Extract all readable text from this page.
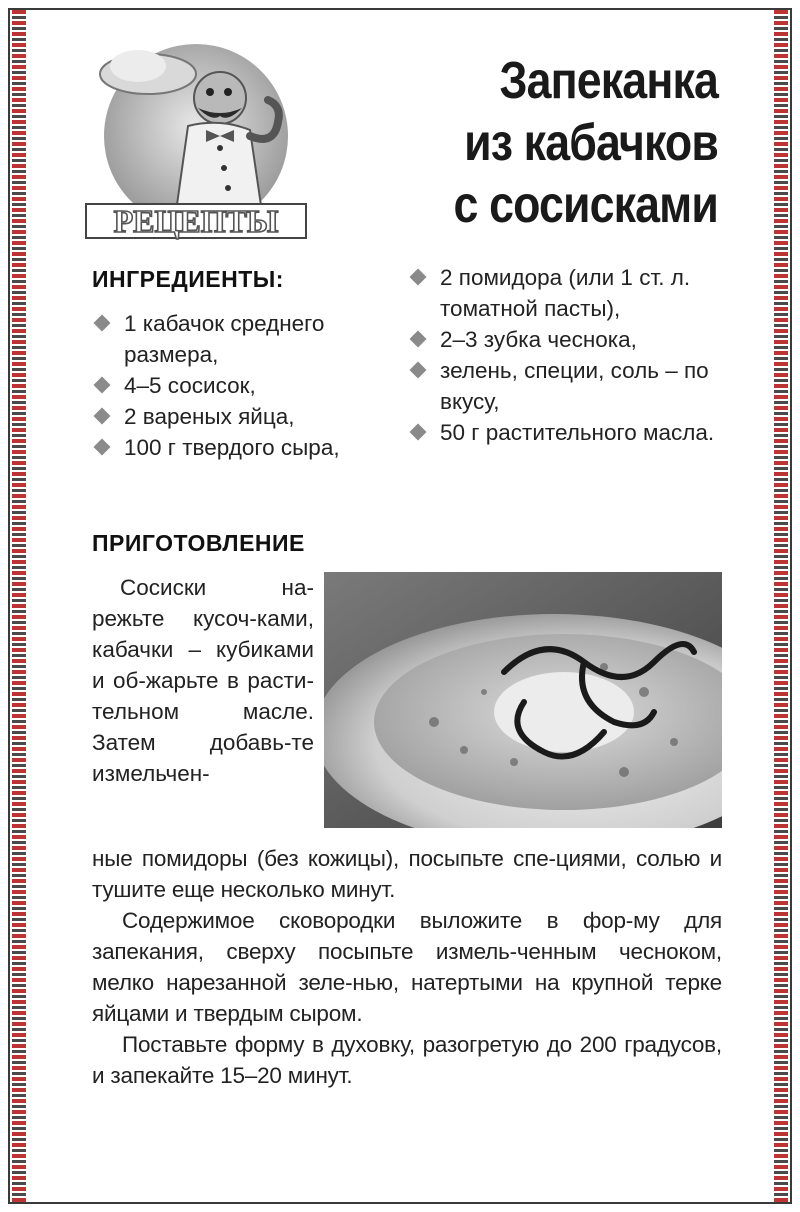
РЕЦЕПТЫ
Запеканка
из кабачков
с сосисками
ИНГРЕДИЕНТЫ:
1 кабачок среднего размера,
4–5 сосисок,
2 вареных яйца,
100 г твердого сыра,
2 помидора (или 1 ст. л. томатной пасты),
2–3 зубка чеснока,
зелень, специи, соль – по вкусу,
50 г растительного масла.
ПРИГОТОВЛЕНИЕ

Сосиски на-режьте кусоч-ками, кабачки – кубиками и об-жарьте в расти-тельном масле. Затем добавь-те измельчен-

ные помидоры (без кожицы), посыпьте спе-циями, солью и тушите еще несколько минут.

Содержимое сковородки выложите в фор-му для запекания, сверху посыпьте измель-ченным чесноком, мелко нарезанной зеле-нью, натертыми на крупной терке яйцами и твердым сыром.

Поставьте форму в духовку, разогретую до 200 градусов, и запекайте 15–20 минут.
